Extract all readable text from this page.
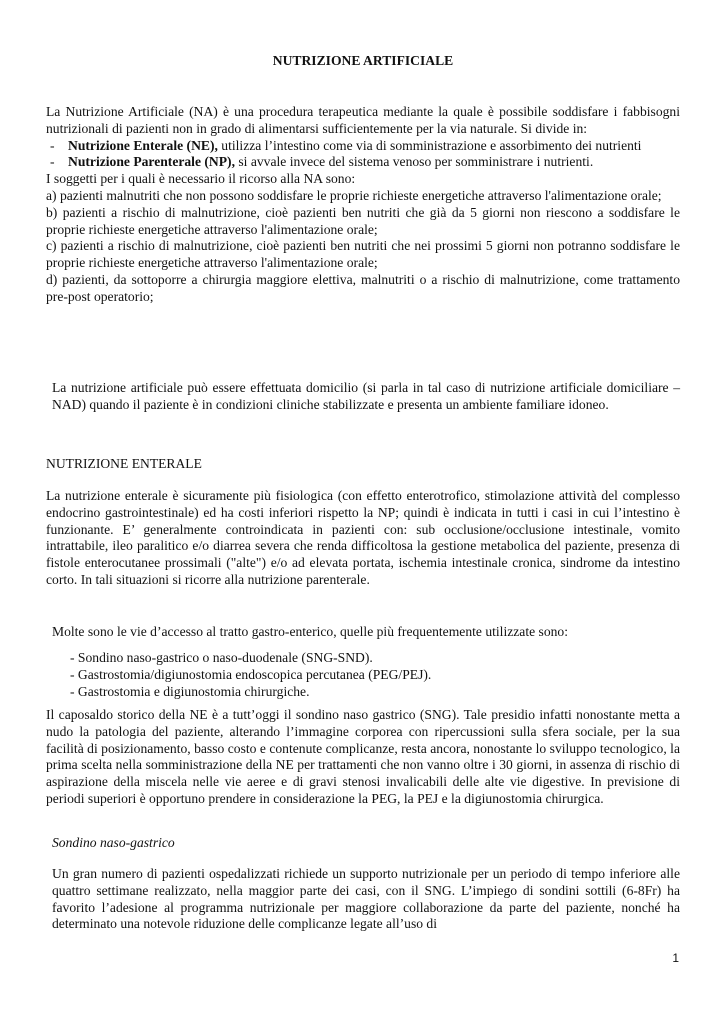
NUTRIZIONE ARTIFICIALE

La Nutrizione Artificiale (NA) è una procedura terapeutica mediante la quale è possibile soddisfare i fabbisogni nutrizionali di pazienti non in grado di alimentarsi sufficientemente per la via naturale. Si divide in:

- Nutrizione Enterale (NE), utilizza l’intestino come via di somministrazione e assorbimento dei nutrienti
- Nutrizione Parenterale (NP), si avvale invece del sistema venoso per somministrare i nutrienti.

I soggetti per i quali è necessario il ricorso alla NA sono:

a) pazienti malnutriti che non possono soddisfare le proprie richieste energetiche attraverso l'alimentazione orale;

b) pazienti a rischio di malnutrizione, cioè pazienti ben nutriti che già da 5 giorni non riescono a soddisfare le proprie richieste energetiche attraverso l'alimentazione orale;

c) pazienti a rischio di malnutrizione, cioè pazienti ben nutriti che nei prossimi 5 giorni non potranno soddisfare le proprie richieste energetiche attraverso l'alimentazione orale;

d) pazienti, da sottoporre a chirurgia maggiore elettiva, malnutriti o a rischio di malnutrizione, come trattamento pre-post operatorio;

La nutrizione artificiale può essere effettuata domicilio (si parla in tal caso di nutrizione artificiale domiciliare –NAD) quando il paziente è in condizioni cliniche stabilizzate e presenta un ambiente familiare idoneo.

NUTRIZIONE ENTERALE

La nutrizione enterale è sicuramente più fisiologica (con effetto enterotrofico, stimolazione attività del complesso endocrino gastrointestinale) ed ha costi inferiori rispetto la NP; quindi è indicata in tutti i casi in cui l’intestino è funzionante. E’ generalmente controindicata in pazienti con: sub occlusione/occlusione intestinale, vomito intrattabile, ileo paralitico e/o diarrea severa che renda difficoltosa la gestione metabolica del paziente, presenza di fistole enterocutanee prossimali ("alte") e/o ad elevata portata, ischemia intestinale cronica, sindrome da intestino corto. In tali situazioni si ricorre alla nutrizione parenterale.

Molte sono le vie d’accesso al tratto gastro-enterico, quelle più frequentemente utilizzate sono:

- Sondino naso-gastrico o naso-duodenale (SNG-SND).
- Gastrostomia/digiunostomia endoscopica percutanea (PEG/PEJ).
- Gastrostomia e digiunostomia chirurgiche.

Il caposaldo storico della NE è a tutt’oggi il sondino naso gastrico (SNG). Tale presidio infatti nonostante metta a nudo la patologia del paziente, alterando l’immagine corporea con ripercussioni sulla sfera sociale, per la sua facilità di posizionamento, basso costo e contenute complicanze, resta ancora, nonostante lo sviluppo tecnologico, la prima scelta nella somministrazione della NE per trattamenti che non vanno oltre i 30 giorni, in assenza di rischio di aspirazione della miscela nelle vie aeree e di gravi stenosi invalicabili delle alte vie digestive. In previsione di periodi superiori è opportuno prendere in considerazione la PEG, la PEJ e la digiunostomia chirurgica.

Sondino naso-gastrico

Un gran numero di pazienti ospedalizzati richiede un supporto nutrizionale per un periodo di tempo inferiore alle quattro settimane realizzato, nella maggior parte dei casi, con il SNG. L’impiego di sondini sottili (6-8Fr) ha favorito l’adesione al programma nutrizionale per maggiore collaborazione da parte del paziente, nonché ha determinato una notevole riduzione delle complicanze legate all’uso di

1
